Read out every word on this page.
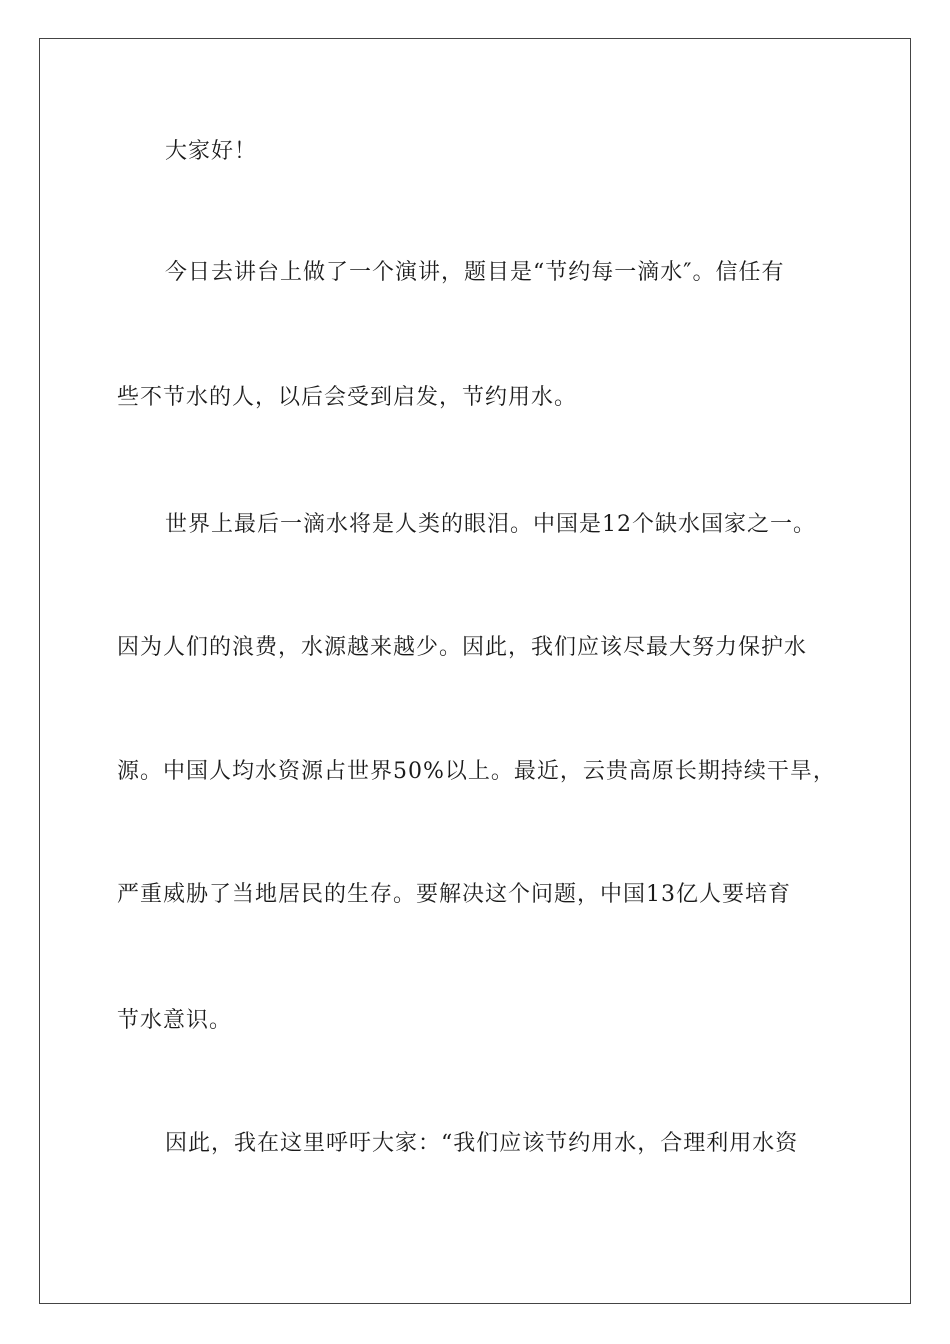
大家好！
今日去讲台上做了一个演讲，题目是“节约每一滴水″。信任有
些不节水的人，以后会受到启发，节约用水。
世界上最后一滴水将是人类的眼泪。中国是12个缺水国家之一。
因为人们的浪费，水源越来越少。因此，我们应该尽最大努力保护水
源。中国人均水资源占世界50%以上。最近，云贵高原长期持续干旱，
严重威胁了当地居民的生存。要解决这个问题，中国13亿人要培育
节水意识。
因此，我在这里呼吁大家：“我们应该节约用水，合理利用水资
